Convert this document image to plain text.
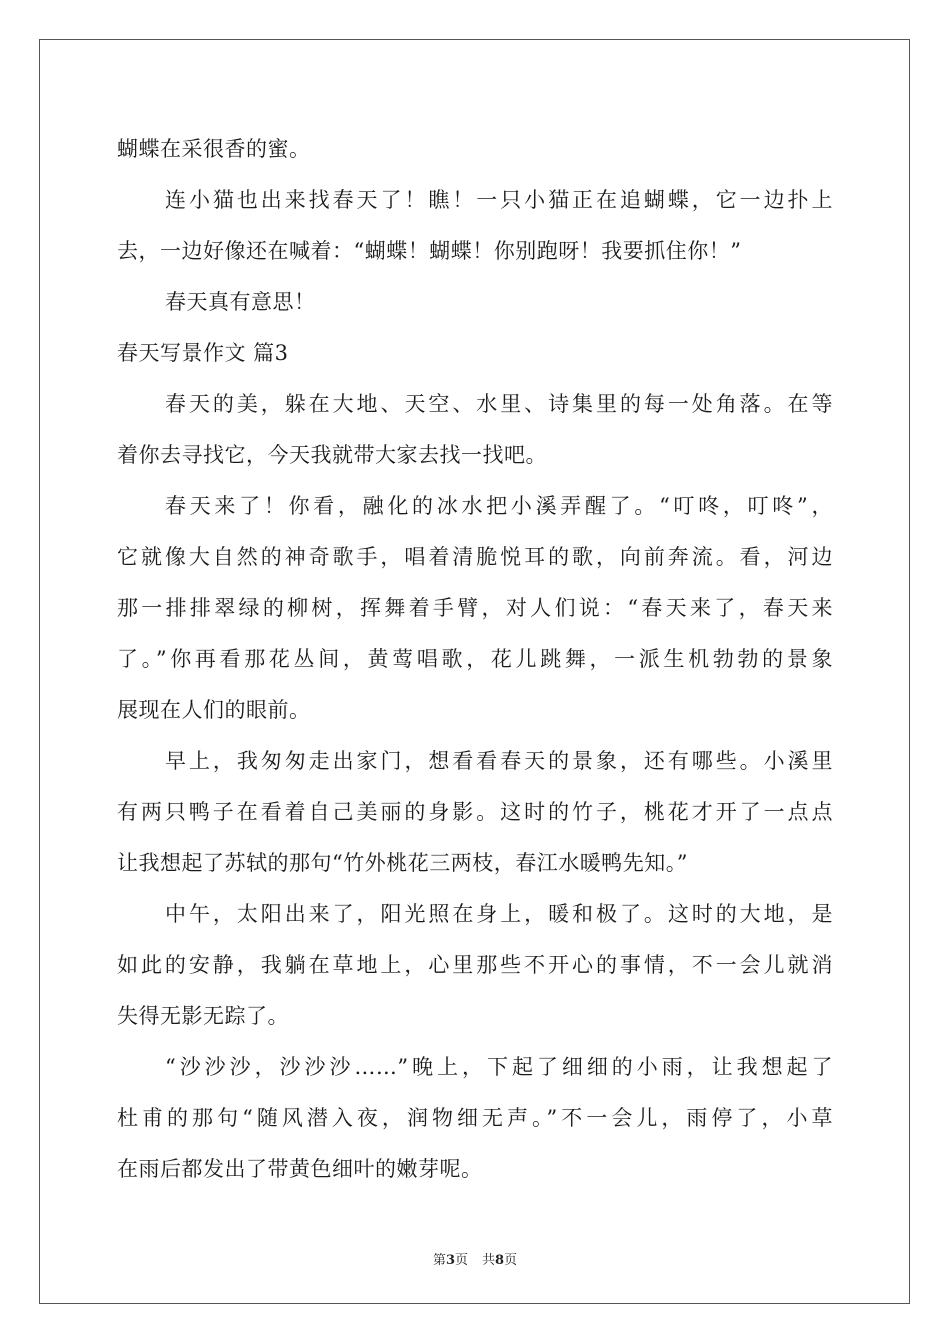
蝴蝶在采很香的蜜。
连小猫也出来找春天了！瞧！一只小猫正在追蝴蝶，它一边扑上
去，一边好像还在喊着：“蝴蝶！蝴蝶！你别跑呀！我要抓住你！”
春天真有意思！
春天写景作文 篇3
春天的美，躲在大地、天空、水里、诗集里的每一处角落。在等
着你去寻找它，今天我就带大家去找一找吧。
春天来了！你看，融化的冰水把小溪弄醒了。“叮咚，叮咚”，
它就像大自然的神奇歌手，唱着清脆悦耳的歌，向前奔流。看，河边
那一排排翠绿的柳树，挥舞着手臂，对人们说：“春天来了，春天来
了。”你再看那花丛间，黄莺唱歌，花儿跳舞，一派生机勃勃的景象
展现在人们的眼前。
早上，我匆匆走出家门，想看看春天的景象，还有哪些。小溪里
有两只鸭子在看着自己美丽的身影。这时的竹子，桃花才开了一点点
让我想起了苏轼的那句“竹外桃花三两枝，春江水暖鸭先知。”
中午，太阳出来了，阳光照在身上，暖和极了。这时的大地，是
如此的安静，我躺在草地上，心里那些不开心的事情，不一会儿就消
失得无影无踪了。
“沙沙沙，沙沙沙……”晚上，下起了细细的小雨，让我想起了
杜甫的那句“随风潜入夜，润物细无声。”不一会儿，雨停了，小草
在雨后都发出了带黄色细叶的嫩芽呢。
第3页 共8页
